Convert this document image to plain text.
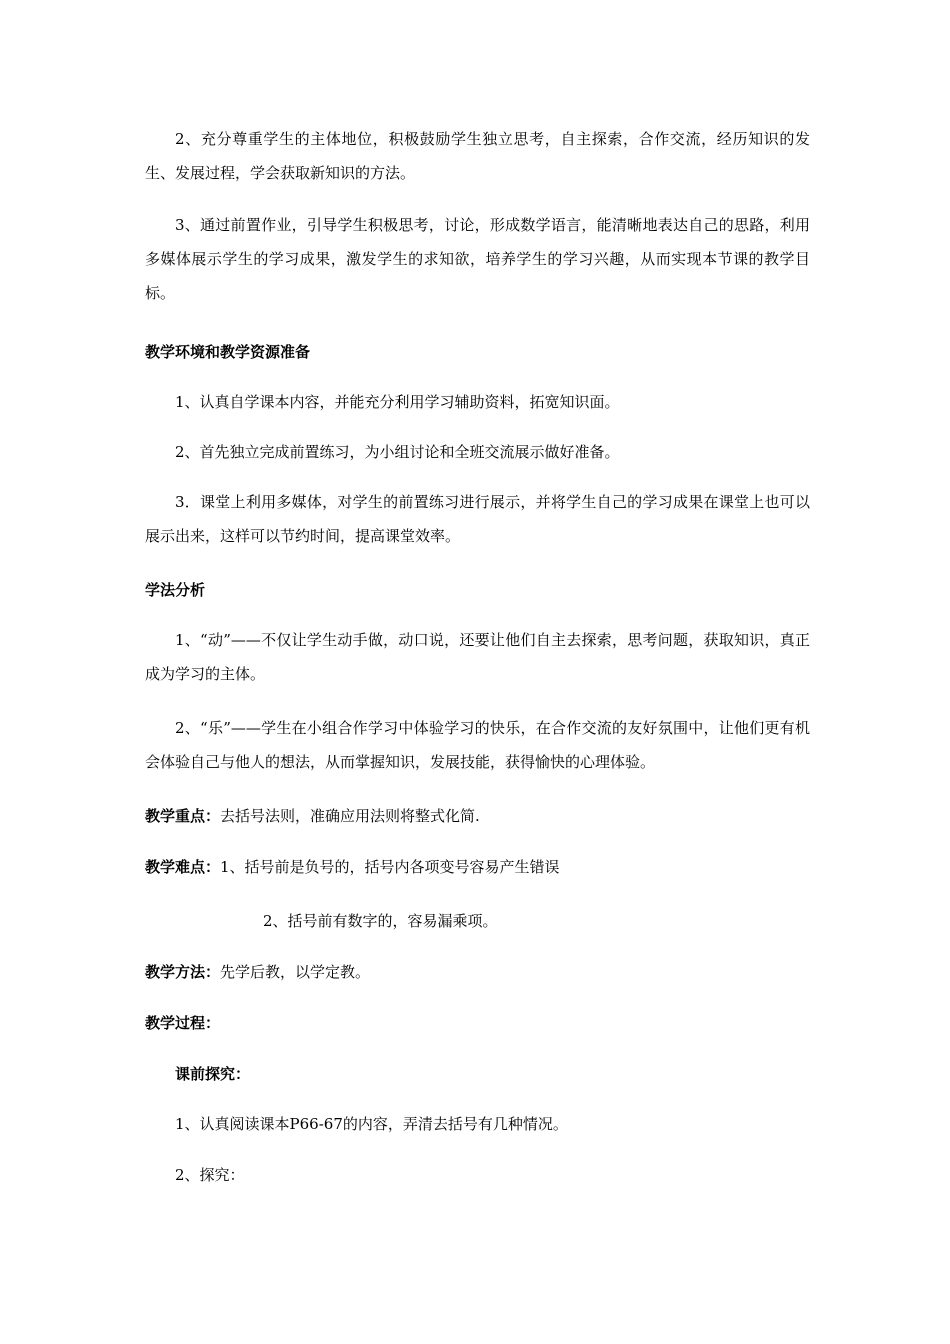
2、充分尊重学生的主体地位，积极鼓励学生独立思考，自主探索，合作交流，经历知识的发生、发展过程，学会获取新知识的方法。

3、通过前置作业，引导学生积极思考，讨论，形成数学语言，能清晰地表达自己的思路，利用多媒体展示学生的学习成果，激发学生的求知欲，培养学生的学习兴趣，从而实现本节课的教学目标。

教学环境和教学资源准备

1、认真自学课本内容，并能充分利用学习辅助资料，拓宽知识面。

2、首先独立完成前置练习，为小组讨论和全班交流展示做好准备。

3．课堂上利用多媒体，对学生的前置练习进行展示，并将学生自己的学习成果在课堂上也可以展示出来，这样可以节约时间，提高课堂效率。

学法分析

1、“动”——不仅让学生动手做，动口说，还要让他们自主去探索，思考问题，获取知识，真正成为学习的主体。

2、“乐”——学生在小组合作学习中体验学习的快乐，在合作交流的友好氛围中，让他们更有机会体验自己与他人的想法，从而掌握知识，发展技能，获得愉快的心理体验。

教学重点：去括号法则，准确应用法则将整式化简.

教学难点：1、括号前是负号的，括号内各项变号容易产生错误

2、括号前有数字的，容易漏乘项。

教学方法：先学后教，以学定教。

教学过程：

课前探究：

1、认真阅读课本P66-67的内容，弄清去括号有几种情况。

2、探究：
